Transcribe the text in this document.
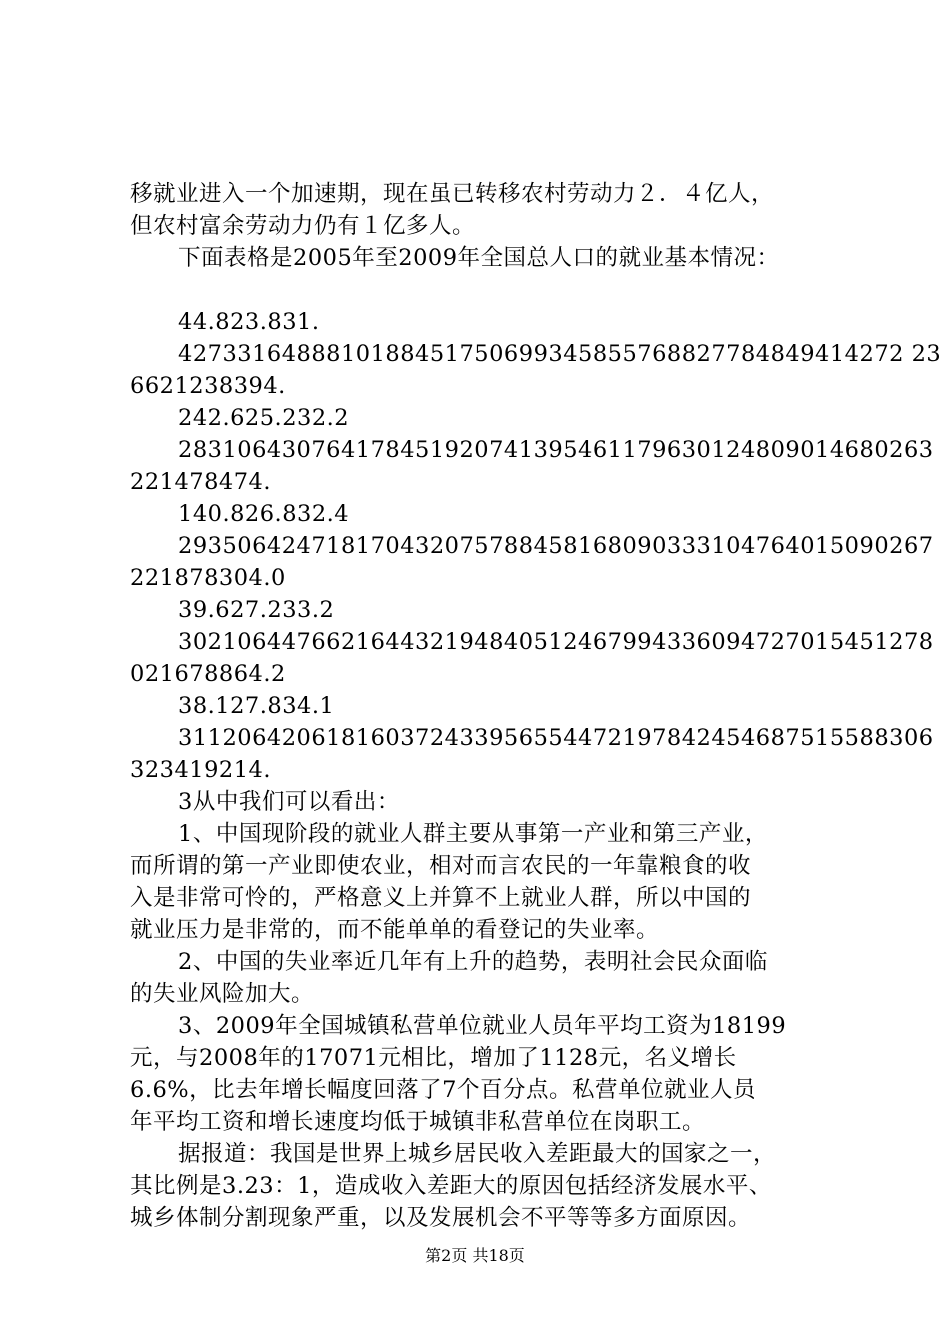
移就业进入一个加速期，现在虽已转移农村劳动力２．４亿人，
但农村富余劳动力仍有１亿多人。
下面表格是2005年至2009年全国总人口的就业基本情况：
44.823.831.
4273316488810188451750699345855768827784849414272 23
6621238394.
242.625.232.2
283106430764178451920741395461179630124809014680263
221478474.
140.826.832.4
293506424718170432075788458168090333104764015090267
221878304.0
39.627.233.2
302106447662164432194840512467994336094727015451278
021678864.2
38.127.834.1
311206420618160372433956554472197842454687515588306
323419214.
3从中我们可以看出：
1、中国现阶段的就业人群主要从事第一产业和第三产业，
而所谓的第一产业即使农业，相对而言农民的一年靠粮食的收
入是非常可怜的，严格意义上并算不上就业人群，所以中国的
就业压力是非常的，而不能单单的看登记的失业率。
2、中国的失业率近几年有上升的趋势，表明社会民众面临
的失业风险加大。
3、2009年全国城镇私营单位就业人员年平均工资为18199
元，与2008年的17071元相比，增加了1128元，名义增长
6.6%，比去年增长幅度回落了7个百分点。私营单位就业人员
年平均工资和增长速度均低于城镇非私营单位在岗职工。
据报道：我国是世界上城乡居民收入差距最大的国家之一，
其比例是3.23：1，造成收入差距大的原因包括经济发展水平、
城乡体制分割现象严重，以及发展机会不平等等多方面原因。
第2页 共18页
